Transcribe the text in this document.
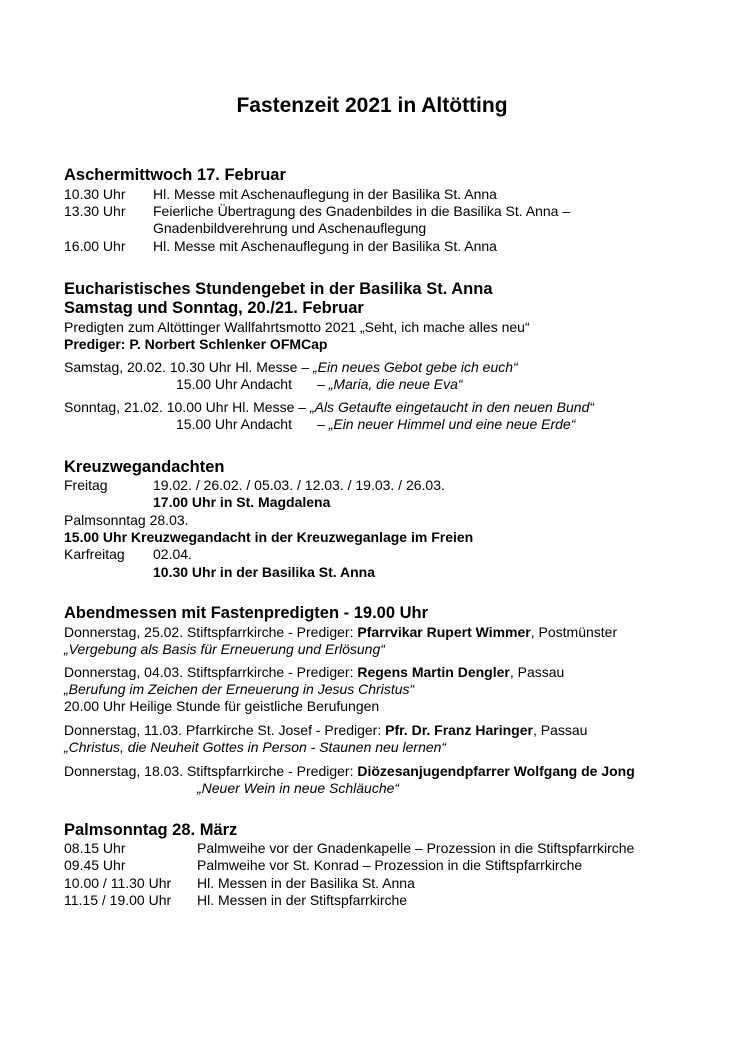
Fastenzeit 2021 in Altötting
Aschermittwoch 17. Februar
10.30 Uhr Hl. Messe mit Aschenauflegung in der Basilika St. Anna
13.30 Uhr Feierliche Übertragung des Gnadenbildes in die Basilika St. Anna –
Gnadenbildverehrung und Aschenauflegung
16.00 Uhr Hl. Messe mit Aschenauflegung in der Basilika St. Anna
Eucharistisches Stundengebet in der Basilika St. Anna
Samstag und Sonntag, 20./21. Februar
Predigten zum Altöttinger Wallfahrtsmotto 2021 „Seht, ich mache alles neu“
Prediger: P. Norbert Schlenker OFMCap
Samstag, 20.02. 10.30 Uhr Hl. Messe – „Ein neues Gebot gebe ich euch“
15.00 Uhr Andacht – „Maria, die neue Eva“
Sonntag, 21.02. 10.00 Uhr Hl. Messe – „Als Getaufte eingetaucht in den neuen Bund“
15.00 Uhr Andacht – „Ein neuer Himmel und eine neue Erde“
Kreuzwegandachten
Freitag	19.02. / 26.02. / 05.03. / 12.03. / 19.03. / 26.03.
17.00 Uhr in St. Magdalena
Palmsonntag 28.03.
15.00 Uhr Kreuzwegandacht in der Kreuzweganlage im Freien
Karfreitag 02.04.
10.30 Uhr in der Basilika St. Anna
Abendmessen mit Fastenpredigten - 19.00 Uhr
Donnerstag, 25.02. Stiftspfarrkirche - Prediger: Pfarrvikar Rupert Wimmer, Postmünster
„Vergebung als Basis für Erneuerung und Erlösung“
Donnerstag, 04.03. Stiftspfarrkirche - Prediger: Regens Martin Dengler, Passau
„Berufung im Zeichen der Erneuerung in Jesus Christus“
20.00 Uhr Heilige Stunde für geistliche Berufungen
Donnerstag, 11.03. Pfarrkirche St. Josef - Prediger: Pfr. Dr. Franz Haringer, Passau
„Christus, die Neuheit Gottes in Person - Staunen neu lernen“
Donnerstag, 18.03. Stiftspfarrkirche - Prediger: Diözesanjugendpfarrer Wolfgang de Jong
„Neuer Wein in neue Schläuche“
Palmsonntag 28. März
08.15 Uhr	Palmweihe vor der Gnadenkapelle – Prozession in die Stiftspfarrkirche
09.45 Uhr	Palmweihe vor St. Konrad – Prozession in die Stiftspfarrkirche
10.00 / 11.30 Uhr Hl. Messen in der Basilika St. Anna
11.15 / 19.00 Uhr Hl. Messen in der Stiftspfarrkirche
